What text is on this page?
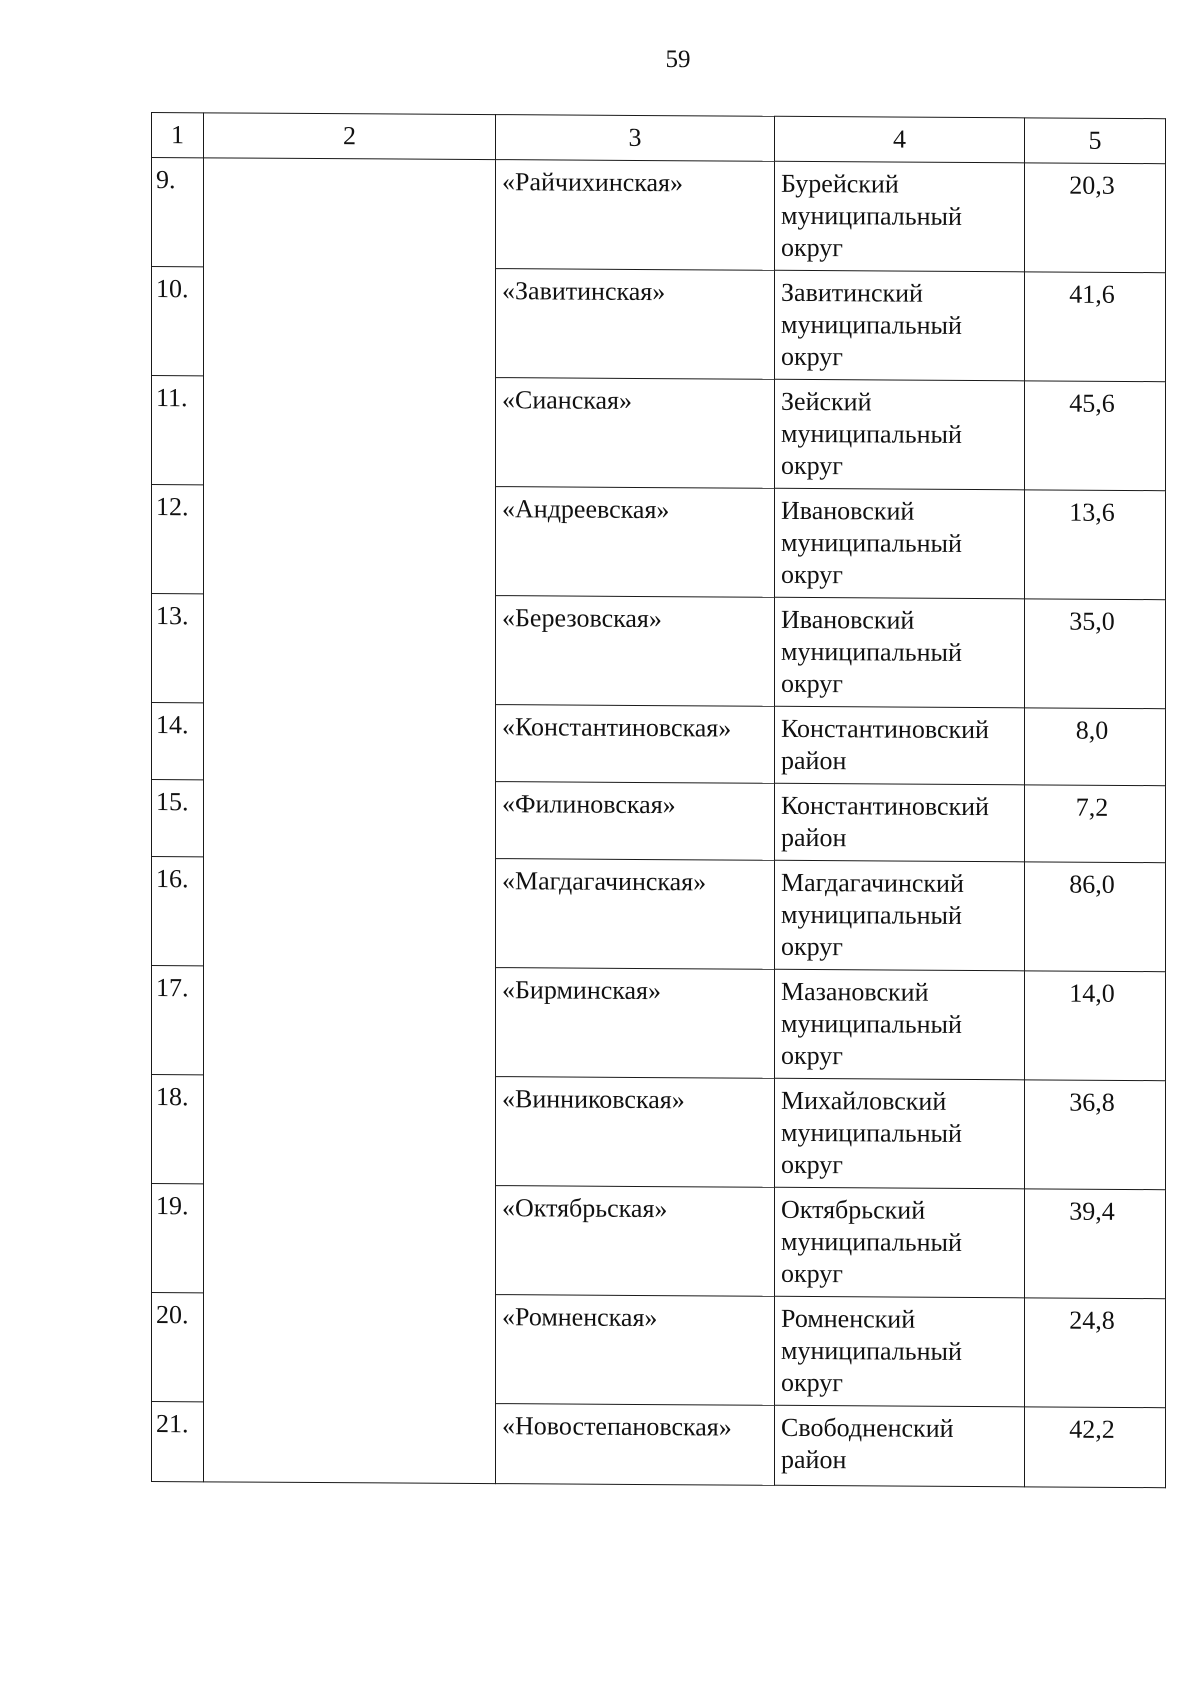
59
1	2	3	4	5
9.		«Райчихинская»	Бурейский муниципальный округ	20,3
10.		«Завитинская»	Завитинский муниципальный округ	41,6
11.		«Сианская»	Зейский муниципальный округ	45,6
12.		«Андреевская»	Ивановский муниципальный округ	13,6
13.		«Березовская»	Ивановский муниципальный округ	35,0
14.		«Константиновская»	Константиновский район	8,0
15.		«Филиновская»	Константиновский район	7,2
16.		«Магдагачинская»	Магдагачинский муниципальный округ	86,0
17.		«Бирминская»	Мазановский муниципальный округ	14,0
18.		«Винниковская»	Михайловский муниципальный округ	36,8
19.		«Октябрьская»	Октябрьский муниципальный округ	39,4
20.		«Ромненская»	Ромненский муниципальный округ	24,8
21.		«Новостепановская»	Свободненский район	42,2
